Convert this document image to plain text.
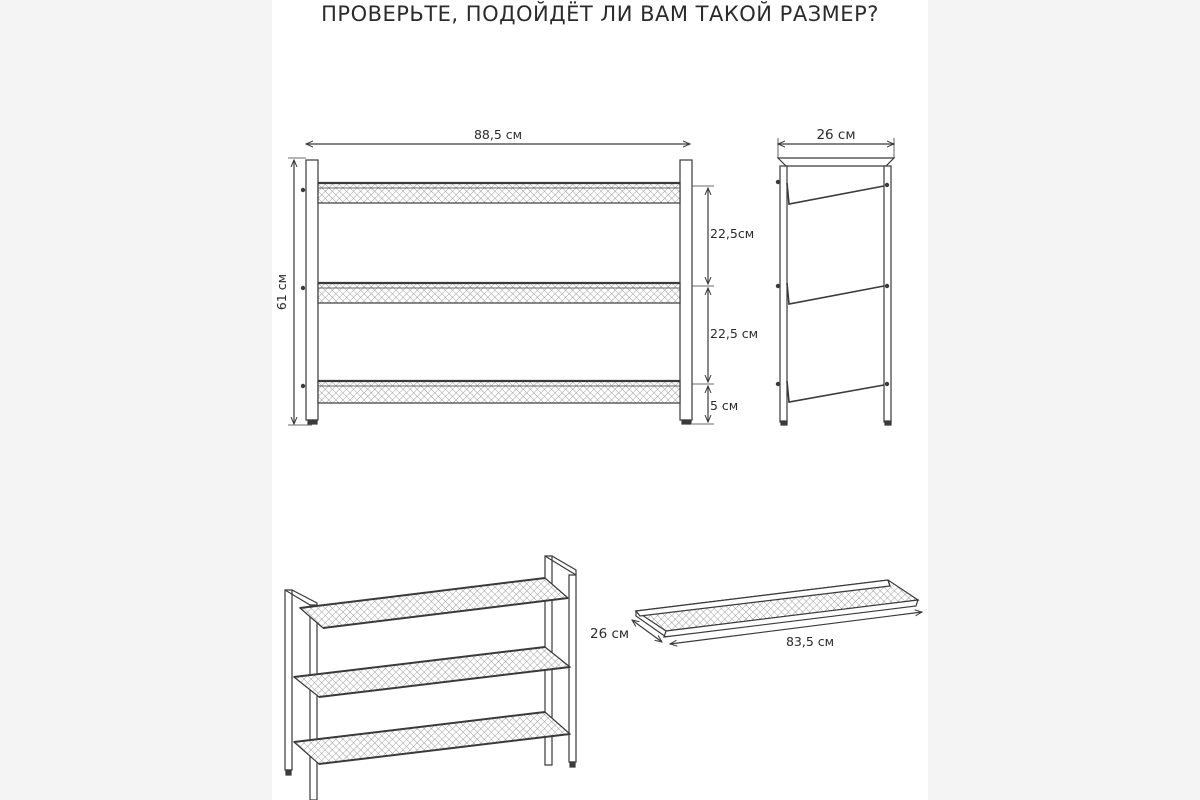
ПРОВЕРЬТЕ, ПОДОЙДЁТ ЛИ ВАМ ТАКОЙ РАЗМЕР?
88,5 см
61 см
22,5см
22,5 см
5 см
26 см
26 см	83,5 см
